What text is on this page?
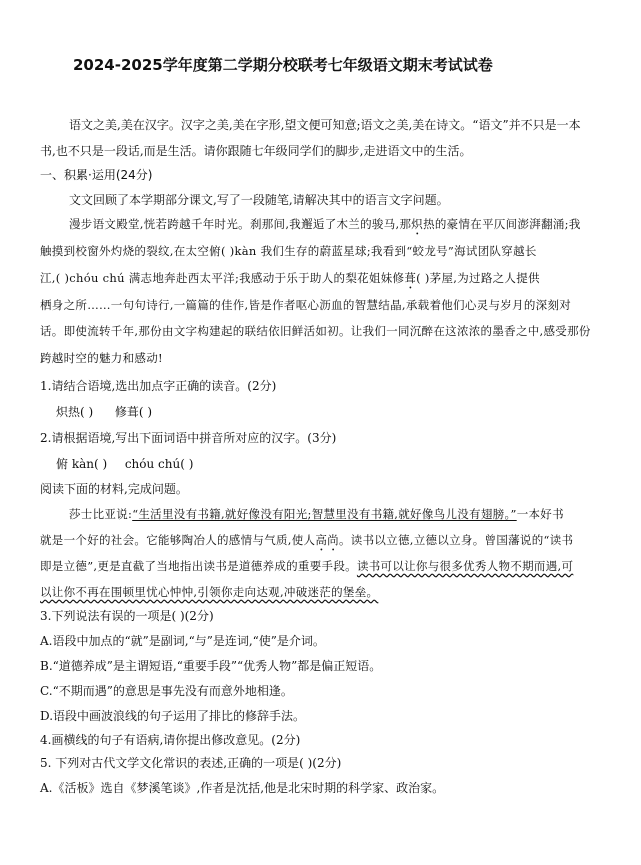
2024-2025学年度第二学期分校联考七年级语文期末考试试卷
语文之美,美在汉字。汉字之美,美在字形,望文便可知意;语文之美,美在诗文。“语文”并不只是一本
书,也不只是一段话,而是生活。请你跟随七年级同学们的脚步,走进语文中的生活。
一、积累·运用(24分)
文文回顾了本学期部分课文,写了一段随笔,请解决其中的语言文字问题。
漫步语文殿堂,恍若跨越千年时光。刹那间,我邂逅了木兰的骏马,那炽热的豪情在平仄间澎湃翻涌;我
触摸到校窗外灼烧的裂纹,在太空俯( )kàn 我们生存的蔚蓝星球;我看到“蛟龙号”海试团队穿越长
江,( )chóu chú 满志地奔赴西太平洋;我感动于乐于助人的梨花姐妹修葺( )茅屋,为过路之人提供
栖身之所……一句句诗行,一篇篇的佳作,皆是作者呕心沥血的智慧结晶,承载着他们心灵与岁月的深刻对
话。即使流转千年,那份由文字构建起的联结依旧鲜活如初。让我们一同沉醉在这浓浓的墨香之中,感受那份
跨越时空的魅力和感动!
1.请结合语境,选出加点字正确的读音。(2分)
炽热( ) 修葺( )
2.请根据语境,写出下面词语中拼音所对应的汉字。(3分)
俯 kàn( ) chóu chú( )
阅读下面的材料,完成问题。
莎士比亚说:“生活里没有书籍,就好像没有阳光;智慧里没有书籍,就好像鸟儿没有翅膀。”一本好书
就是一个好的社会。它能够陶冶人的感情与气质,使人高尚。读书以立德,立德以立身。曾国藩说的“读书
即是立德”,更是直截了当地指出读书是道德养成的重要手段。读书可以让你与很多优秀人物不期而遇,可
以让你不再在围顿里忧心忡忡,引领你走向达观,冲破迷茫的堡垒。
3.下列说法有误的一项是( )(2分)
A.语段中加点的“就”是副词,“与”是连词,“使”是介词。
B.“道德养成”是主谓短语,“重要手段”“优秀人物”都是偏正短语。
C.“不期而遇”的意思是事先没有而意外地相逢。
D.语段中画波浪线的句子运用了排比的修辞手法。
4.画横线的句子有语病,请你提出修改意见。(2分)
5. 下列对古代文学文化常识的表述,正确的一项是( )(2分)
A.《活板》选自《梦溪笔谈》,作者是沈括,他是北宋时期的科学家、政治家。
